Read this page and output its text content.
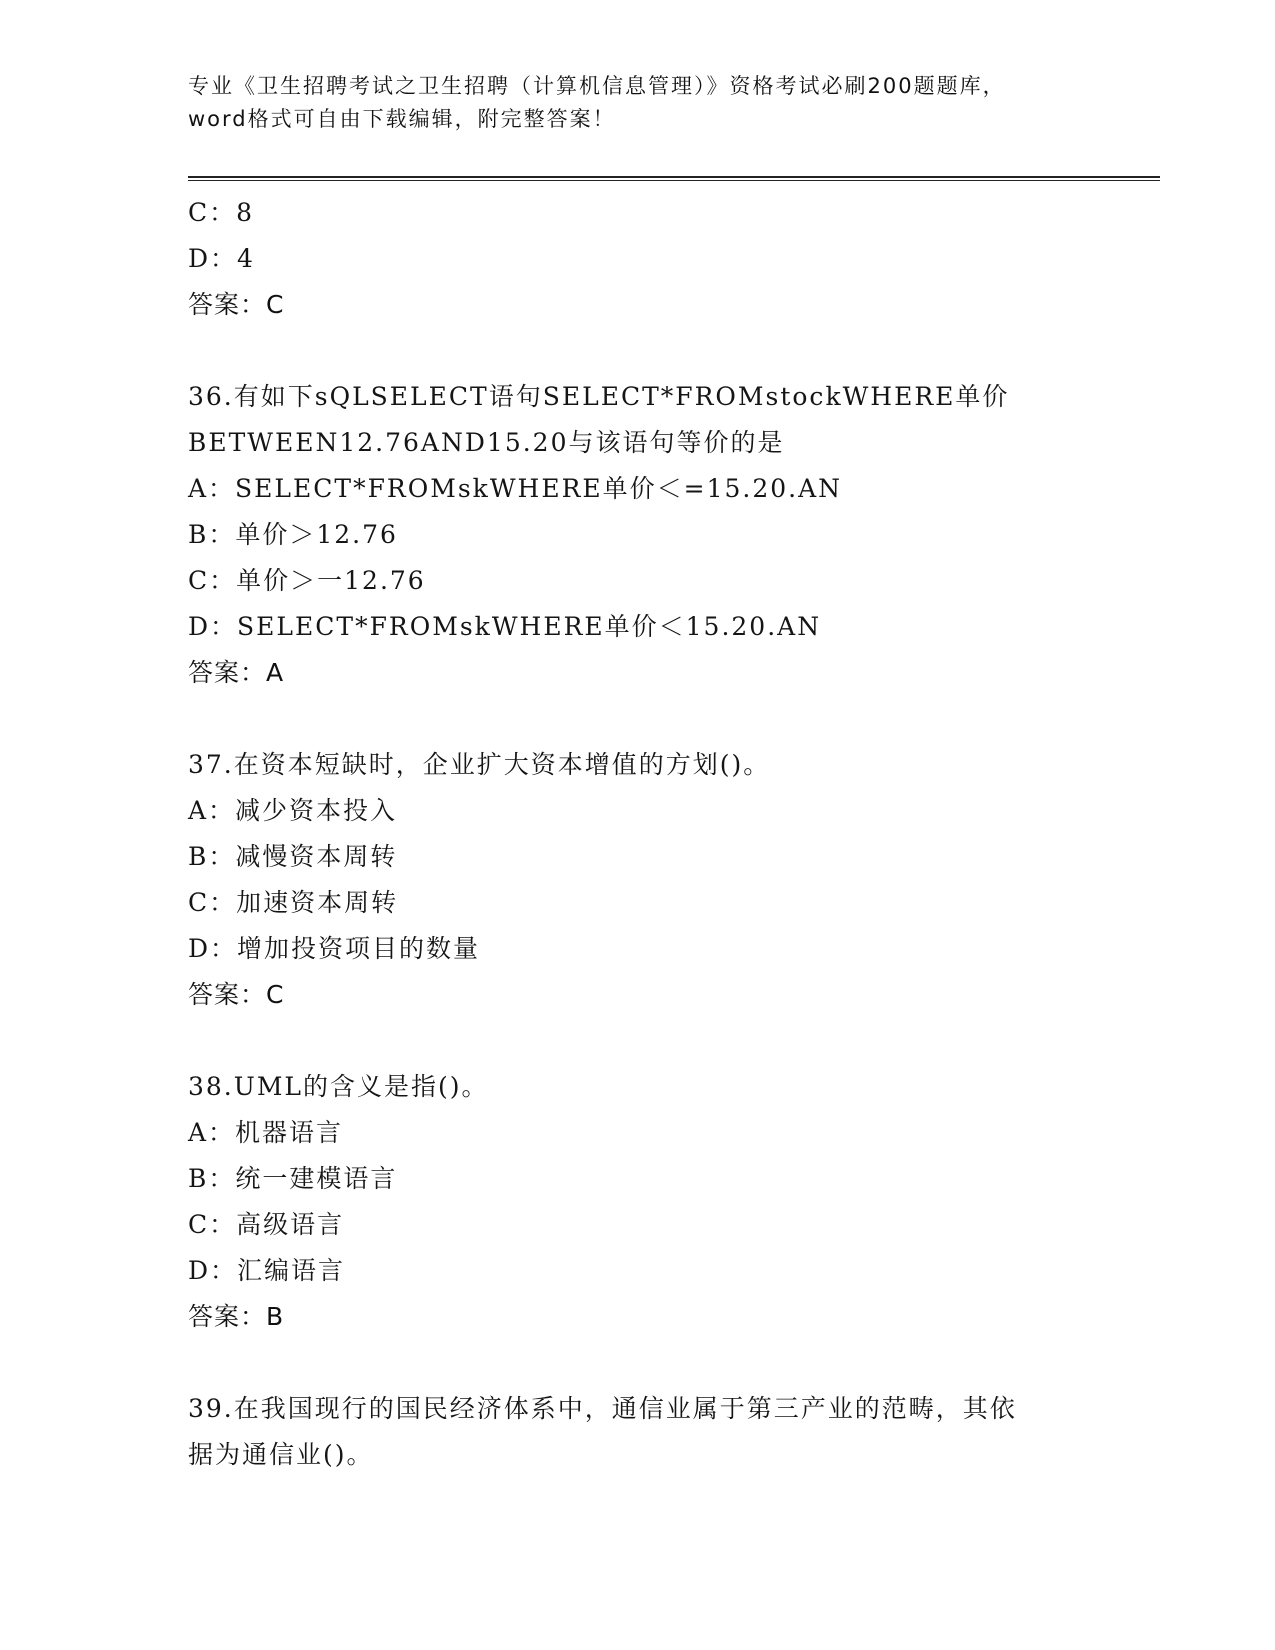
专业《卫生招聘考试之卫生招聘（计算机信息管理）》资格考试必刷200题题库，
word格式可自由下载编辑，附完整答案！
C：8
D：4
答案：C
36.有如下sQLSELECT语句SELECT*FROMstockWHERE单价
BETWEEN12.76AND15.20与该语句等价的是
A：SELECT*FROMskWHERE单价＜=15.20.AN
B：单价＞12.76
C：单价＞一12.76
D：SELECT*FROMskWHERE单价＜15.20.AN
答案：A
37.在资本短缺时，企业扩大资本增值的方划()。
A：减少资本投入
B：减慢资本周转
C：加速资本周转
D：增加投资项目的数量
答案：C
38.UML的含义是指()。
A：机器语言
B：统一建模语言
C：高级语言
D：汇编语言
答案：B
39.在我国现行的国民经济体系中，通信业属于第三产业的范畴，其依
据为通信业()。
